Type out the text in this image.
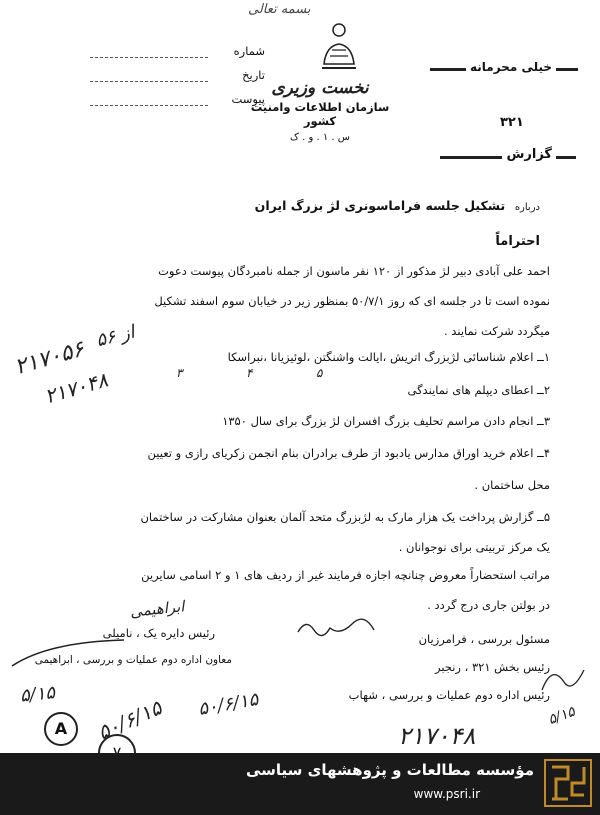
بسمه تعالی
شماره
تاریخ
پیوست
نخست وزیری
سازمان اطلاعات وامنیت کشور
س . ۱ . و . ک
خیلی محرمانه
۳۲۱
گزارش
درباره تشکیل جلسه فراماسونری لژ بزرگ ایران
احتراماً
احمد علی آبادی دبیر لژ مذکور از ۱۲۰ نفر ماسون از جمله نامبردگان پیوست دعوت
نموده است تا در جلسه ای که روز ۵۰/۷/۱ بمنظور زیر در خیابان سوم اسفند تشکیل
میگردد شرکت نمایند .
۱ــ اعلام شناسائی لژبزرگ اتریش ،ایالت واشنگتن ،لوئیزیانا ،نبراسکا
۲ــ اعطای دیپلم های نمایندگی
۳ــ انجام دادن مراسم تحلیف بزرگ افسران لژ بزرگ برای سال ۱۳۵۰
۴ــ اعلام خرید اوراق مدارس یادبود از طرف برادران بنام انجمن زکریای رازی و تعیین
محل ساختمان .
۵ــ گزارش پرداخت یک هزار مارک به لژبزرگ متحد آلمان بعنوان مشارکت در ساختمان
یک مرکز تربیتی برای نوجوانان .
مراتب استحضاراً معروض چنانچه اجازه فرمایند غیر از ردیف های ۱ و ۲ اسامی سایرین
در بولتن جاری درج گردد .
مسئول بررسی ، فرامرزیان
رئیس بخش ۳۲۱ ، رنجبر
رئیس اداره دوم عملیات و بررسی ، شهاب
رئیس دایره یک ، نامیلی
معاون اداره دوم عملیات و بررسی ، ابراهیمی
۲۱۷۰۵۶
۲۱۷۰۴۸
از ۵۶
۳	۴	۵
ابراهیمی
۵۰/۶/۱۵ ۵۰/۶/۱۵
۵/۱۵
A	۲۱۷۰۴۸
۵/۱۵
مؤسسه مطالعات و پژوهشهای سیاسی
www.psri.ir
